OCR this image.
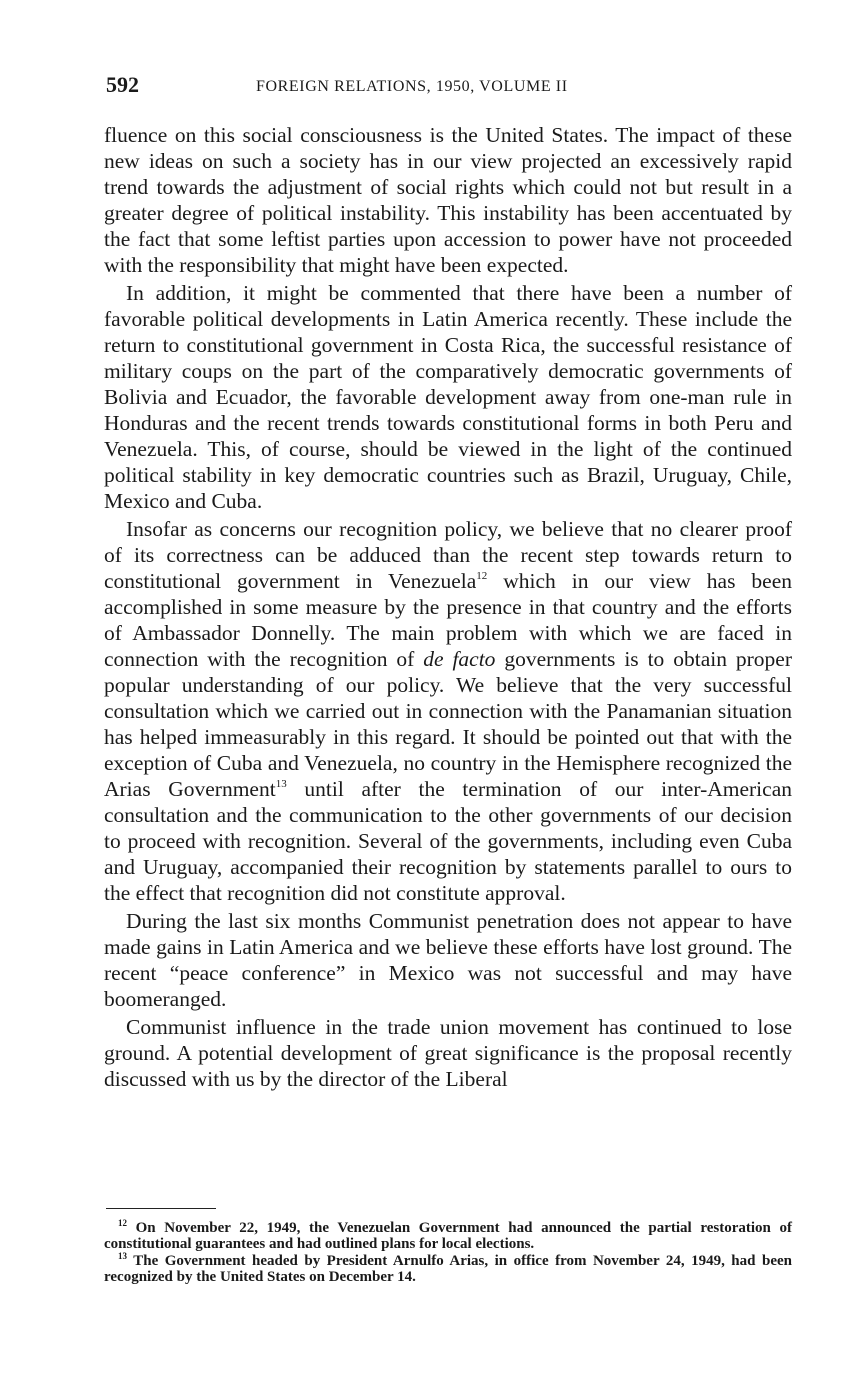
592	FOREIGN RELATIONS, 1950, VOLUME II

fluence on this social consciousness is the United States. The impact of these new ideas on such a society has in our view projected an excessively rapid trend towards the adjustment of social rights which could not but result in a greater degree of political instability. This instability has been accentuated by the fact that some leftist parties upon accession to power have not proceeded with the responsibility that might have been expected.

In addition, it might be commented that there have been a number of favorable political developments in Latin America recently. These include the return to constitutional government in Costa Rica, the successful resistance of military coups on the part of the comparatively democratic governments of Bolivia and Ecuador, the favorable development away from one-man rule in Honduras and the recent trends towards constitutional forms in both Peru and Venezuela. This, of course, should be viewed in the light of the continued political stability in key democratic countries such as Brazil, Uruguay, Chile, Mexico and Cuba.

Insofar as concerns our recognition policy, we believe that no clearer proof of its correctness can be adduced than the recent step towards return to constitutional government in Venezuela$^{12}$ which in our view has been accomplished in some measure by the presence in that country and the efforts of Ambassador Donnelly. The main problem with which we are faced in connection with the recognition of de facto governments is to obtain proper popular understanding of our policy. We believe that the very successful consultation which we carried out in connection with the Panamanian situation has helped immeasurably in this regard. It should be pointed out that with the exception of Cuba and Venezuela, no country in the Hemisphere recognized the Arias Government$^{13}$ until after the termination of our inter-American consultation and the communication to the other governments of our decision to proceed with recognition. Several of the governments, including even Cuba and Uruguay, accompanied their recognition by statements parallel to ours to the effect that recognition did not constitute approval.

During the last six months Communist penetration does not appear to have made gains in Latin America and we believe these efforts have lost ground. The recent “peace conference” in Mexico was not successful and may have boomeranged.

Communist influence in the trade union movement has continued to lose ground. A potential development of great significance is the proposal recently discussed with us by the director of the Liberal

$^{12}$ On November 22, 1949, the Venezuelan Government had announced the partial restoration of constitutional guarantees and had outlined plans for local elections.

$^{13}$ The Government headed by President Arnulfo Arias, in office from November 24, 1949, had been recognized by the United States on December 14.
